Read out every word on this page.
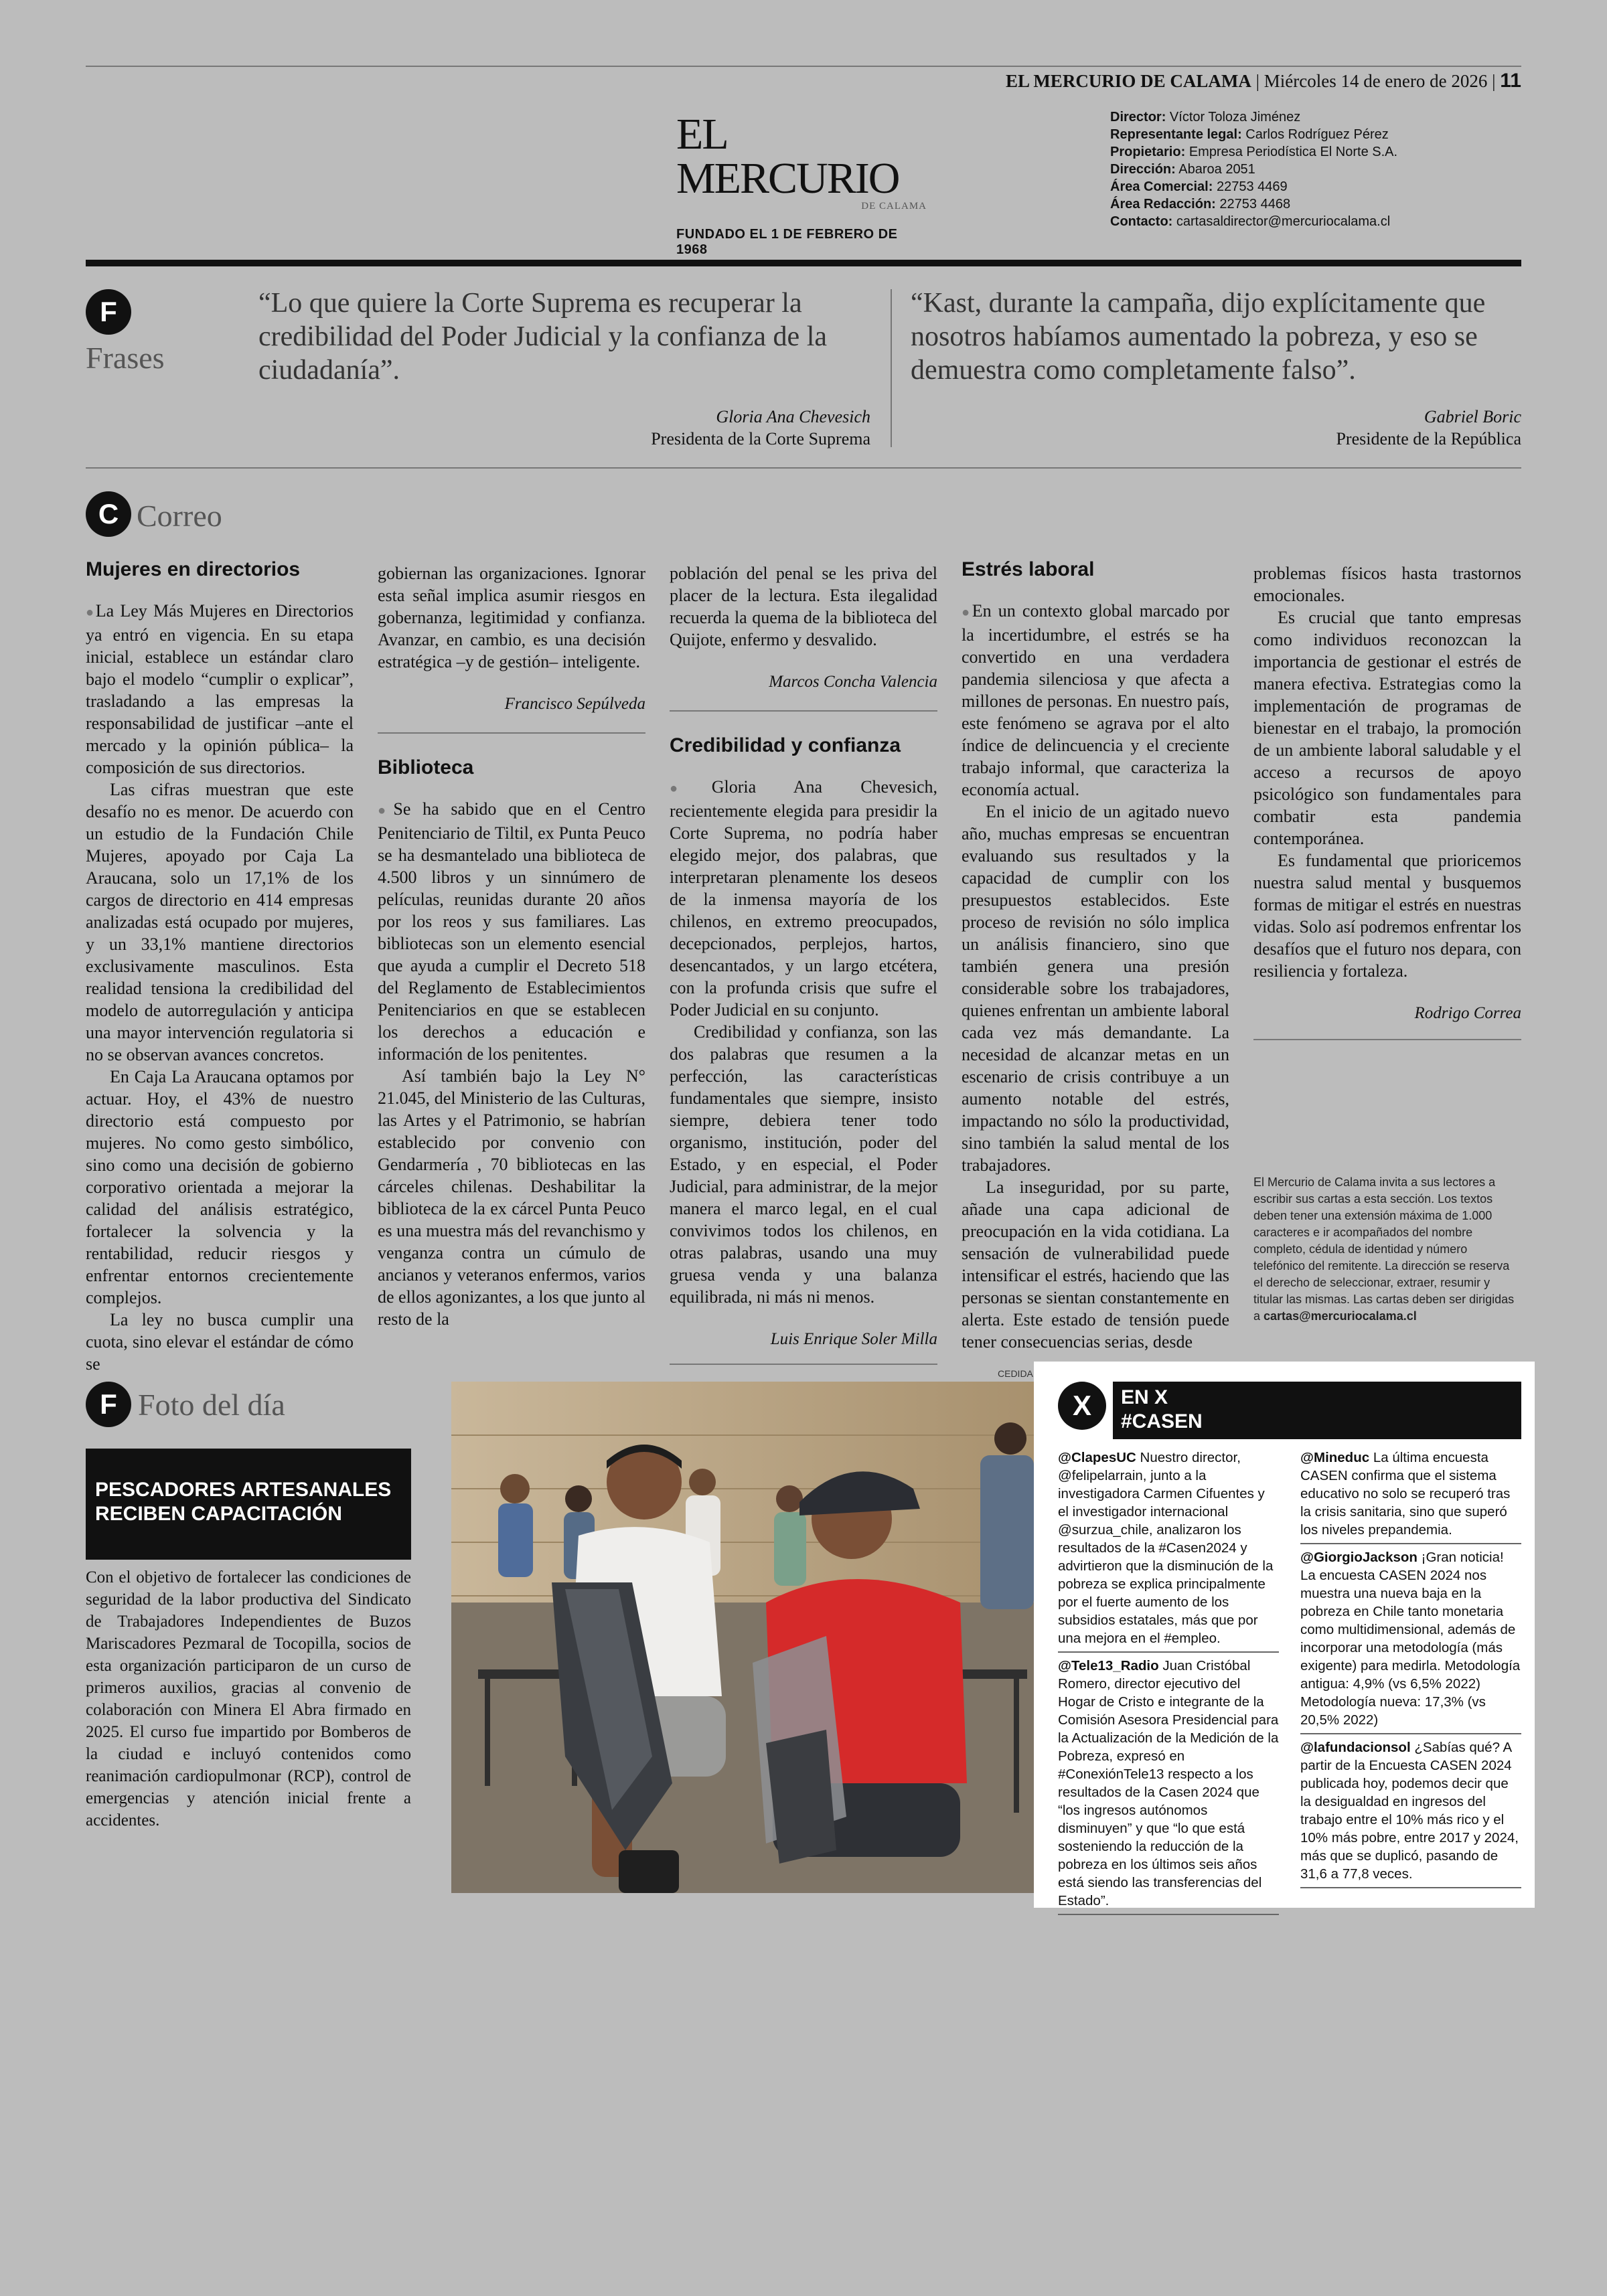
EL MERCURIO DE CALAMA | Miércoles 14 de enero de 2026 | 11
EL MERCURIO
DE CALAMA
FUNDADO EL 1 DE FEBRERO DE 1968
Director: Víctor Toloza Jiménez
Representante legal: Carlos Rodríguez Pérez
Propietario: Empresa Periodística El Norte S.A.
Dirección: Abaroa 2051
Área Comercial: 22753 4469
Área Redacción: 22753 4468
Contacto: cartasaldirector@mercuriocalama.cl
F
Frases
“Lo que quiere la Corte Suprema es recuperar la credibilidad del Poder Judicial y la confianza de la ciudadanía”.
Gloria Ana Chevesich
Presidenta de la Corte Suprema
“Kast, durante la campaña, dijo explícitamente que nosotros habíamos aumentado la pobreza, y eso se demuestra como completamente falso”.
Gabriel Boric
Presidente de la República
C Correo
Mujeres en directorios

● La Ley Más Mujeres en Directorios ya entró en vigencia. En su etapa inicial, establece un estándar claro bajo el modelo “cumplir o explicar”, trasladando a las empresas la responsabilidad de justificar –ante el mercado y la opinión pública– la composición de sus directorios.

Las cifras muestran que este desafío no es menor. De acuerdo con un estudio de la Fundación Chile Mujeres, apoyado por Caja La Araucana, solo un 17,1% de los cargos de directorio en 414 empresas analizadas está ocupado por mujeres, y un 33,1% mantiene directorios exclusivamente masculinos. Esta realidad tensiona la credibilidad del modelo de autorregulación y anticipa una mayor intervención regulatoria si no se observan avances concretos.

En Caja La Araucana optamos por actuar. Hoy, el 43% de nuestro directorio está compuesto por mujeres. No como gesto simbólico, sino como una decisión de gobierno corporativo orientada a mejorar la calidad del análisis estratégico, fortalecer la solvencia y la rentabilidad, reducir riesgos y enfrentar entornos crecientemente complejos.

La ley no busca cumplir una cuota, sino elevar el estándar de cómo se

gobiernan las organizaciones. Ignorar esta señal implica asumir riesgos en gobernanza, legitimidad y confianza. Avanzar, en cambio, es una decisión estratégica –y de gestión– inteligente.

Francisco Sepúlveda
Biblioteca

● Se ha sabido que en el Centro Penitenciario de Tiltil, ex Punta Peuco se ha desmantelado una biblioteca de 4.500 libros y un sinnúmero de películas, reunidas durante 20 años por los reos y sus familiares. Las bibliotecas son un elemento esencial que ayuda a cumplir el Decreto 518 del Reglamento de Establecimientos Penitenciarios en que se establecen los derechos a educación e información de los penitentes.

Así también bajo la Ley N° 21.045, del Ministerio de las Culturas, las Artes y el Patrimonio, se habrían establecido por convenio con Gendarmería , 70 bibliotecas en las cárceles chilenas. Deshabilitar la biblioteca de la ex cárcel Punta Peuco es una muestra más del revanchismo y venganza contra un cúmulo de ancianos y veteranos enfermos, varios de ellos agonizantes, a los que junto al resto de la

población del penal se les priva del placer de la lectura. Esta ilegalidad recuerda la quema de la biblioteca del Quijote, enfermo y desvalido.

Marcos Concha Valencia
Credibilidad y confianza

● Gloria Ana Chevesich, recientemente elegida para presidir la Corte Suprema, no podría haber elegido mejor, dos palabras, que interpretaran plenamente los deseos de la inmensa mayoría de los chilenos, en extremo preocupados, decepcionados, perplejos, hartos, desencantados, y un largo etcétera, con la profunda crisis que sufre el Poder Judicial en su conjunto.

Credibilidad y confianza, son las dos palabras que resumen a la perfección, las características fundamentales que siempre, insisto siempre, debiera tener todo organismo, institución, poder del Estado, y en especial, el Poder Judicial, para administrar, de la mejor manera el marco legal, en el cual convivimos todos los chilenos, en otras palabras, usando una muy gruesa venda y una balanza equilibrada, ni más ni menos.

Luis Enrique Soler Milla
Estrés laboral

● En un contexto global marcado por la incertidumbre, el estrés se ha convertido en una verdadera pandemia silenciosa y que afecta a millones de personas. En nuestro país, este fenómeno se agrava por el alto índice de delincuencia y el creciente trabajo informal, que caracteriza la economía actual.

En el inicio de un agitado nuevo año, muchas empresas se encuentran evaluando sus resultados y la capacidad de cumplir con los presupuestos establecidos. Este proceso de revisión no sólo implica un análisis financiero, sino que también genera una presión considerable sobre los trabajadores, quienes enfrentan un ambiente laboral cada vez más demandante. La necesidad de alcanzar metas en un escenario de crisis contribuye a un aumento notable del estrés, impactando no sólo la productividad, sino también la salud mental de los trabajadores.

La inseguridad, por su parte, añade una capa adicional de preocupación en la vida cotidiana. La sensación de vulnerabilidad puede intensificar el estrés, haciendo que las personas se sientan constantemente en alerta. Este estado de tensión puede tener consecuencias serias, desde

problemas físicos hasta trastornos emocionales.

Es crucial que tanto empresas como individuos reconozcan la importancia de gestionar el estrés de manera efectiva. Estrategias como la implementación de programas de bienestar en el trabajo, la promoción de un ambiente laboral saludable y el acceso a recursos de apoyo psicológico son fundamentales para combatir esta pandemia contemporánea.

Es fundamental que prioricemos nuestra salud mental y busquemos formas de mitigar el estrés en nuestras vidas. Solo así podremos enfrentar los desafíos que el futuro nos depara, con resiliencia y fortaleza.

Rodrigo Correa
El Mercurio de Calama invita a sus lectores a escribir sus cartas a esta sección. Los textos deben tener una extensión máxima de 1.000 caracteres e ir acompañados del nombre completo, cédula de identidad y número telefónico del remitente. La dirección se reserva el derecho de seleccionar, extraer, resumir y titular las mismas. Las cartas deben ser dirigidas a cartas@mercuriocalama.cl
F Foto del día
PESCADORES ARTESANALES RECIBEN CAPACITACIÓN
Con el objetivo de fortalecer las condiciones de seguridad de la labor productiva del Sindicato de Trabajadores Independientes de Buzos Mariscadores Pezmaral de Tocopilla, socios de esta organización participaron de un curso de primeros auxilios, gracias al convenio de colaboración con Minera El Abra firmado en 2025. El curso fue impartido por Bomberos de la ciudad e incluyó contenidos como reanimación cardiopulmonar (RCP), control de emergencias y atención inicial frente a accidentes.
CEDIDA
X	EN X
#CASEN
@ClapesUC Nuestro director, @felipelarrain, junto a la investigadora Carmen Cifuentes y el investigador internacional @surzua_chile, analizaron los resultados de la #Casen2024 y advirtieron que la disminución de la pobreza se explica principalmente por el fuerte aumento de los subsidios estatales, más que por una mejora en el #empleo.
@Tele13_Radio Juan Cristóbal Romero, director ejecutivo del Hogar de Cristo e integrante de la Comisión Asesora Presidencial para la Actualización de la Medición de la Pobreza, expresó en #ConexiónTele13 respecto a los resultados de la Casen 2024 que “los ingresos autónomos disminuyen” y que “lo que está sosteniendo la reducción de la pobreza en los últimos seis años está siendo las transferencias del Estado”.
@Mineduc La última encuesta CASEN confirma que el sistema educativo no solo se recuperó tras la crisis sanitaria, sino que superó los niveles prepandemia.
@GiorgioJackson ¡Gran noticia! La encuesta CASEN 2024 nos muestra una nueva baja en la pobreza en Chile tanto monetaria como multidimensional, además de incorporar una metodología (más exigente) para medirla. Metodología antigua: 4,9% (vs 6,5% 2022) Metodología nueva: 17,3% (vs 20,5% 2022)
@lafundacionsol ¿Sabías qué? A partir de la Encuesta CASEN 2024 publicada hoy, podemos decir que la desigualdad en ingresos del trabajo entre el 10% más rico y el 10% más pobre, entre 2017 y 2024, más que se duplicó, pasando de 31,6 a 77,8 veces.
